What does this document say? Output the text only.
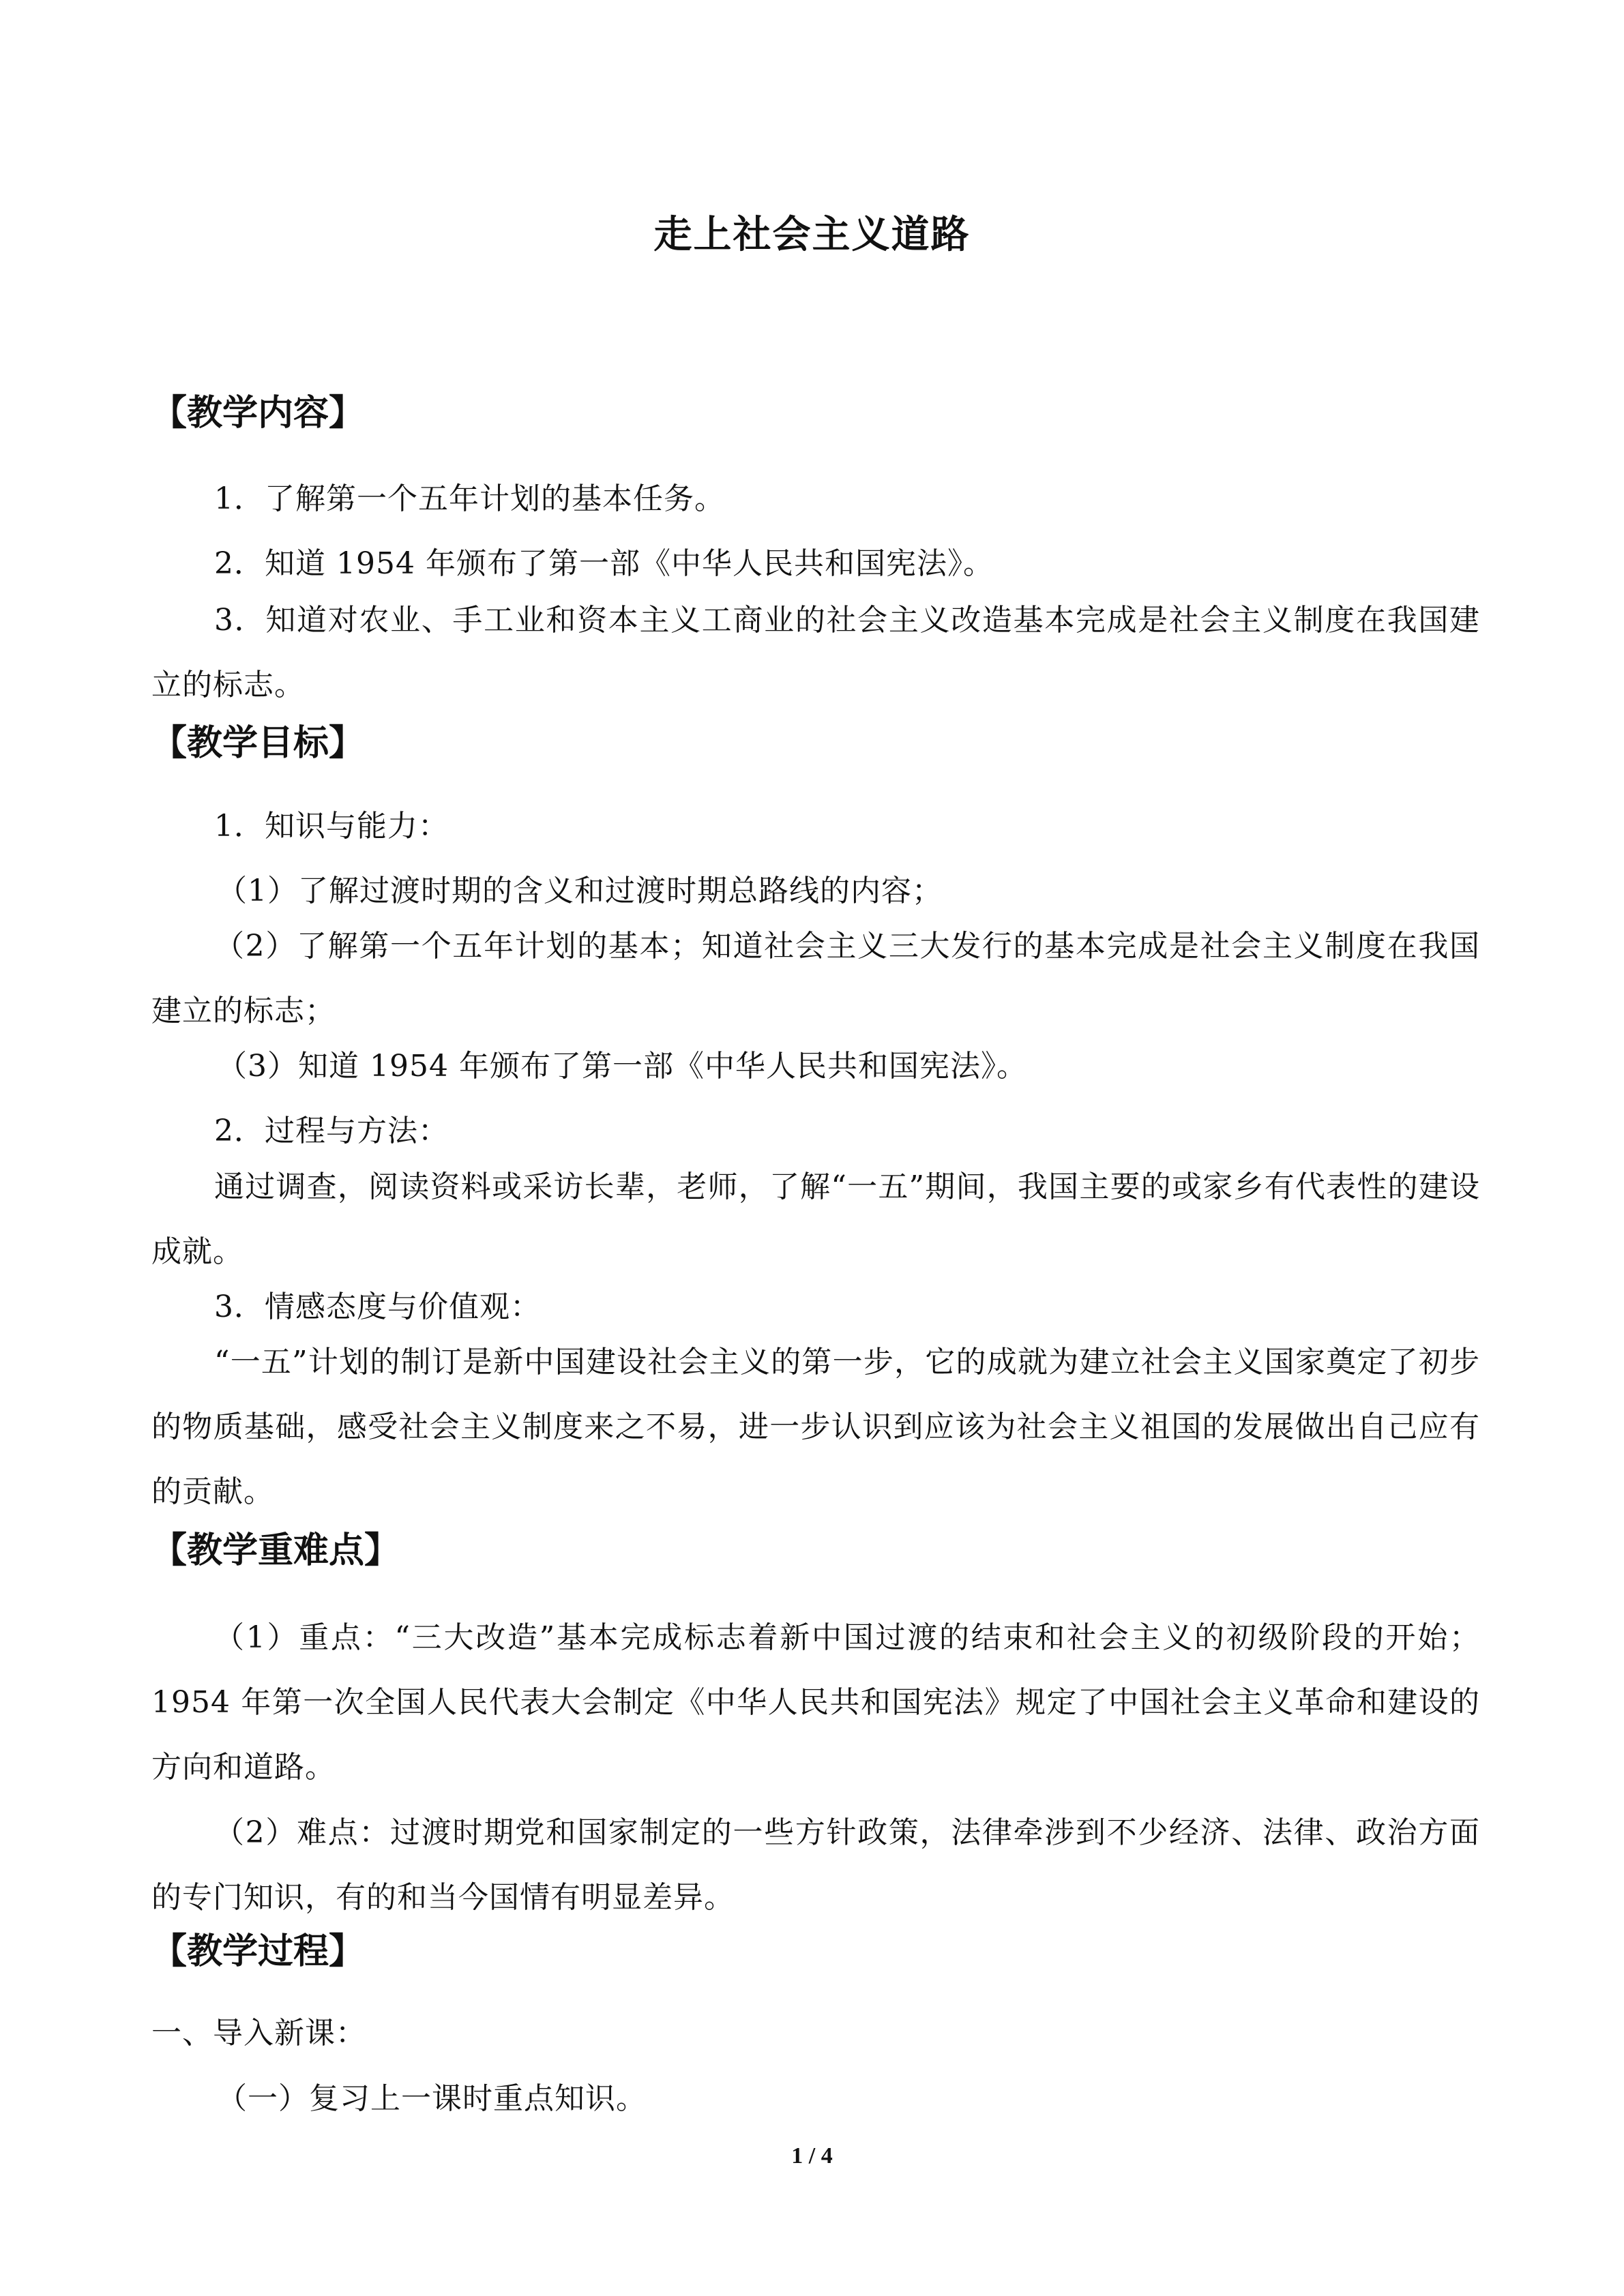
走上社会主义道路
【教学内容】
1．了解第一个五年计划的基本任务。
2．知道 1954 年颁布了第一部《中华人民共和国宪法》。
3．知道对农业、手工业和资本主义工商业的社会主义改造基本完成是社会主义制度在我国建立的标志。
【教学目标】
1．知识与能力：
（1）了解过渡时期的含义和过渡时期总路线的内容；
（2）了解第一个五年计划的基本；知道社会主义三大发行的基本完成是社会主义制度在我国建立的标志；
（3）知道 1954 年颁布了第一部《中华人民共和国宪法》。
2．过程与方法：
通过调查，阅读资料或采访长辈，老师，了解“一五”期间，我国主要的或家乡有代表性的建设成就。
3．情感态度与价值观：
“一五”计划的制订是新中国建设社会主义的第一步，它的成就为建立社会主义国家奠定了初步的物质基础，感受社会主义制度来之不易，进一步认识到应该为社会主义祖国的发展做出自己应有的贡献。
【教学重难点】
（1）重点：“三大改造”基本完成标志着新中国过渡的结束和社会主义的初级阶段的开始；1954 年第一次全国人民代表大会制定《中华人民共和国宪法》规定了中国社会主义革命和建设的方向和道路。
（2）难点：过渡时期党和国家制定的一些方针政策，法律牵涉到不少经济、法律、政治方面的专门知识，有的和当今国情有明显差异。
【教学过程】
一、导入新课：
（一）复习上一课时重点知识。
1 / 4
